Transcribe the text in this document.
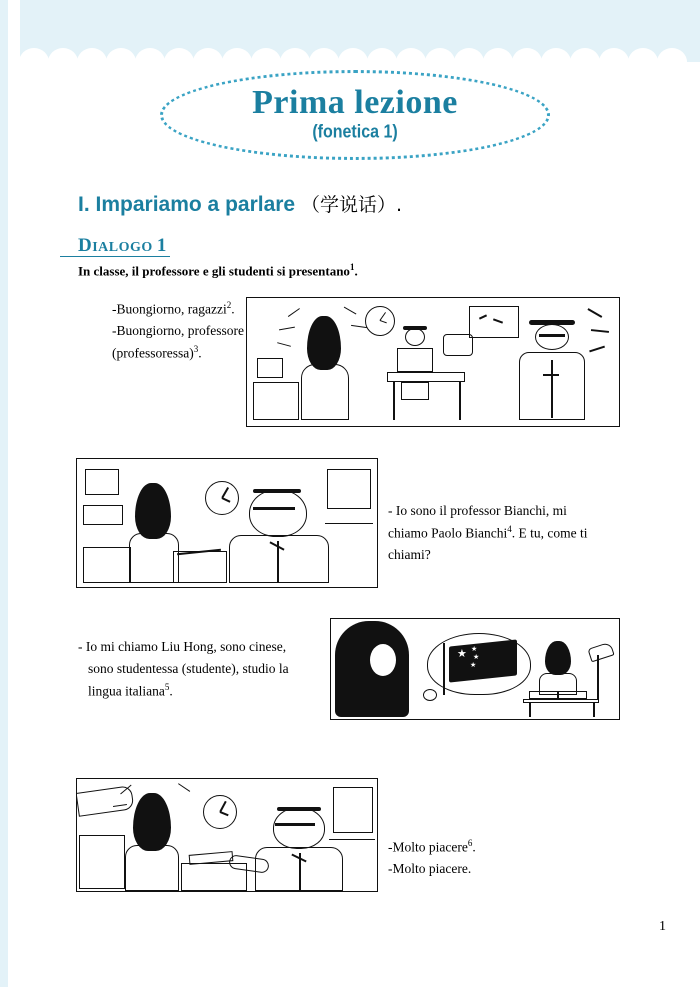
Prima lezione
(fonetica 1)
I. Impariamo a parlare （学说话）.
DIALOGO 1
In classe, il professore e gli studenti si presentano$^1$.
-Buongiorno, ragazzi$^2$.
-Buongiorno, professore
(professoressa)$^3$.
- Io sono il professor Bianchi, mi
chiamo Paolo Bianchi$^4$. E tu, come ti
chiami?
- Io mi chiamo Liu Hong, sono cinese,
sono studentessa (studente), studio la
lingua italiana$^5$.
★ ★
★
★
-Molto piacere$^6$.
-Molto piacere.
1
